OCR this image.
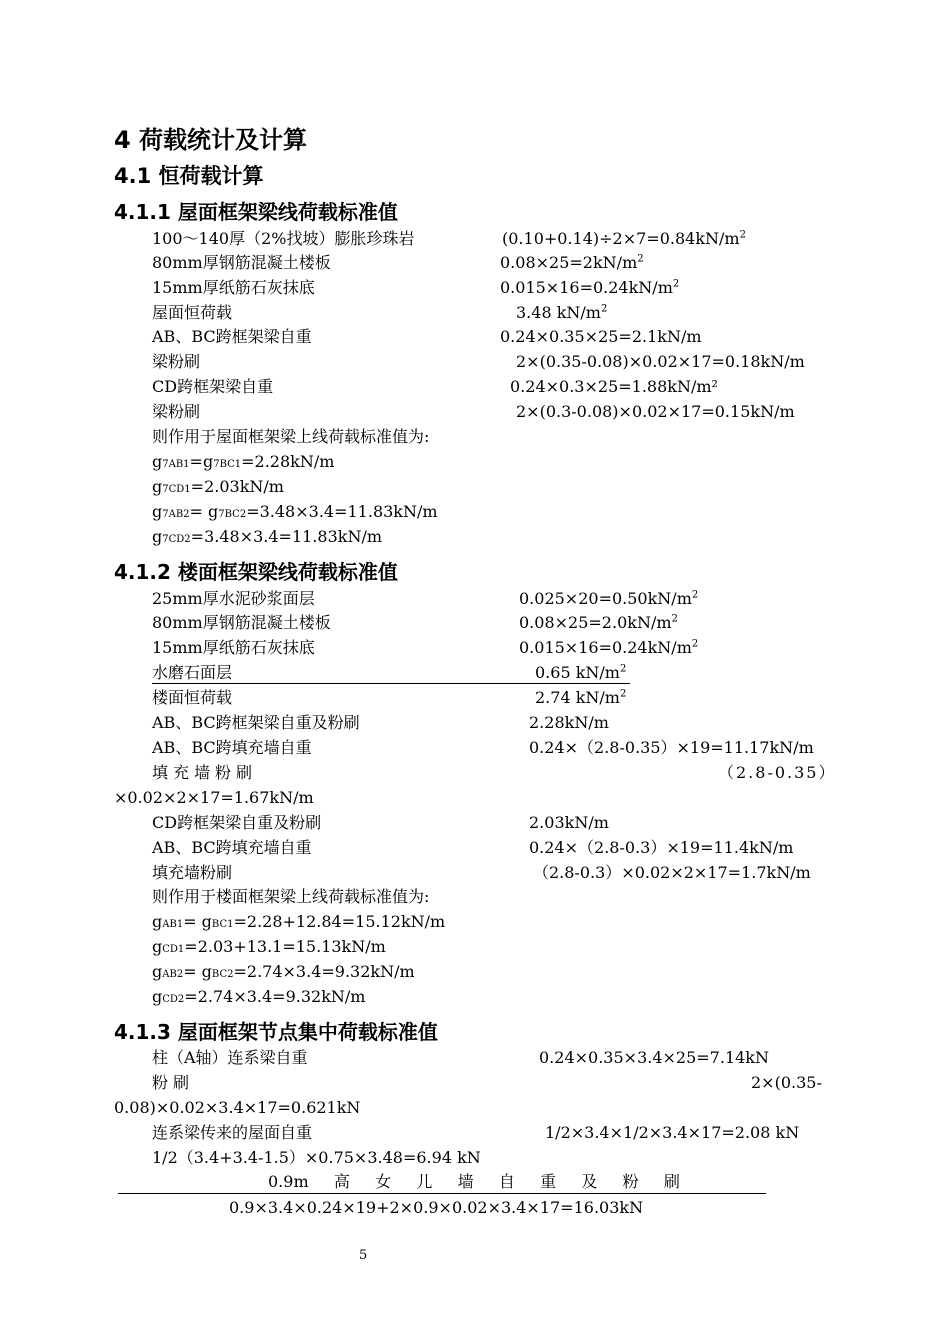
4 荷载统计及计算
4.1 恒荷载计算
4.1.1 屋面框架梁线荷载标准值
100～140厚（2%找坡）膨胀珍珠岩	$(0.10+0.14)\div 2\times 7=0.84kN/m^2$
80mm厚钢筋混凝土楼板	$0.08\times 25=2kN/m^2$
15mm厚纸筋石灰抹底	$0.015\times 16=0.24kN/m^2$
屋面恒荷载	3.48 $kN/m^2$
AB、BC跨框架梁自重	0.24×0.35×25=2.1kN/m
梁粉刷	2×(0.35-0.08)×0.02×17=0.18kN/m
CD跨框架梁自重	0.24×0.3×25=1.88kN/m²
梁粉刷	2×(0.3-0.08)×0.02×17=0.15kN/m
则作用于屋面框架梁上线荷载标准值为:
g7AB1=g7BC1=2.28kN/m
g7CD1=2.03kN/m
g7AB2= g7BC2=3.48×3.4=11.83kN/m
g7CD2=3.48×3.4=11.83kN/m
4.1.2 楼面框架梁线荷载标准值
25mm厚水泥砂浆面层	$0.025\times 20=0.50kN/m^2$
80mm厚钢筋混凝土楼板	$0.08\times 25=2.0kN/m^2$
15mm厚纸筋石灰抹底	$0.015\times 16=0.24kN/m^2$
水磨石面层	0.65 $kN/m^2$
楼面恒荷载	2.74 $kN/m^2$
AB、BC跨框架梁自重及粉刷	2.28kN/m
AB、BC跨填充墙自重	0.24×（2.8-0.35）×19=11.17kN/m
填充墙粉刷	（2.8-0.35）
×0.02×2×17=1.67kN/m
CD跨框架梁自重及粉刷	2.03kN/m
AB、BC跨填充墙自重	0.24×（2.8-0.3）×19=11.4kN/m
填充墙粉刷	（2.8-0.3）×0.02×2×17=1.7kN/m
则作用于楼面框架梁上线荷载标准值为:
gAB1= gBC1=2.28+12.84=15.12kN/m
gCD1=2.03+13.1=15.13kN/m
gAB2= gBC2=2.74×3.4=9.32kN/m
gCD2=2.74×3.4=9.32kN/m
4.1.3 屋面框架节点集中荷载标准值
柱（A轴）连系梁自重	0.24×0.35×3.4×25=7.14kN
粉刷	2×(0.35-
0.08)×0.02×3.4×17=0.621kN
连系梁传来的屋面自重	1/2×3.4×1/2×3.4×17=2.08 kN
1/2（3.4+3.4-1.5）×0.75×3.48=6.94 kN
0.9m 高 女 儿 墙 自 重 及 粉 刷
0.9×3.4×0.24×19+2×0.9×0.02×3.4×17=16.03kN
5
